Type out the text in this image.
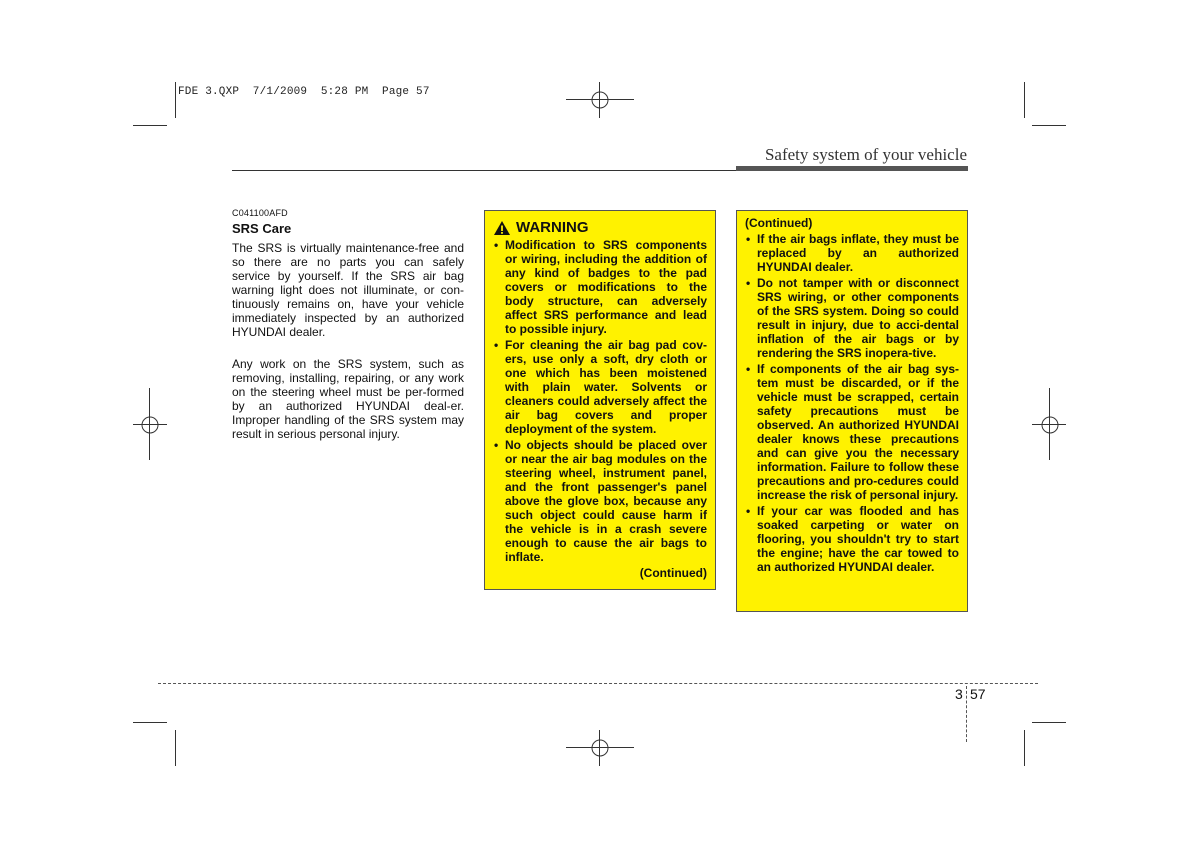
FDE 3.QXP  7/1/2009  5:28 PM  Page 57
Safety system of your vehicle
C041100AFD
SRS Care
The SRS is virtually maintenance-free and so there are no parts you can safely service by yourself. If the SRS air bag warning light does not illuminate, or con-tinuously remains on, have your vehicle immediately inspected by an authorized HYUNDAI dealer.
Any work on the SRS system, such as removing, installing, repairing, or any work on the steering wheel must be per-formed by an authorized HYUNDAI deal-er. Improper handling of the SRS system may result in serious personal injury.
WARNING
• Modification to SRS components or wiring, including the addition of any kind of badges to the pad covers or modifications to the body structure, can adversely affect SRS performance and lead to possible injury.
• For cleaning the air bag pad cov-ers, use only a soft, dry cloth or one which has been moistened with plain water. Solvents or cleaners could adversely affect the air bag covers and proper deployment of the system.
• No objects should be placed over or near the air bag modules on the steering wheel, instrument panel, and the front passenger's panel above the glove box, because any such object could cause harm if the vehicle is in a crash severe enough to cause the air bags to inflate.
(Continued)
(Continued)
• If the air bags inflate, they must be replaced by an authorized HYUNDAI dealer.
• Do not tamper with or disconnect SRS wiring, or other components of the SRS system. Doing so could result in injury, due to acci-dental inflation of the air bags or by rendering the SRS inopera-tive.
• If components of the air bag sys-tem must be discarded, or if the vehicle must be scrapped, certain safety precautions must be observed. An authorized HYUNDAI dealer knows these precautions and can give you the necessary information. Failure to follow these precautions and pro-cedures could increase the risk of personal injury.
• If your car was flooded and has soaked carpeting or water on flooring, you shouldn't try to start the engine; have the car towed to an authorized HYUNDAI dealer.
3 57
